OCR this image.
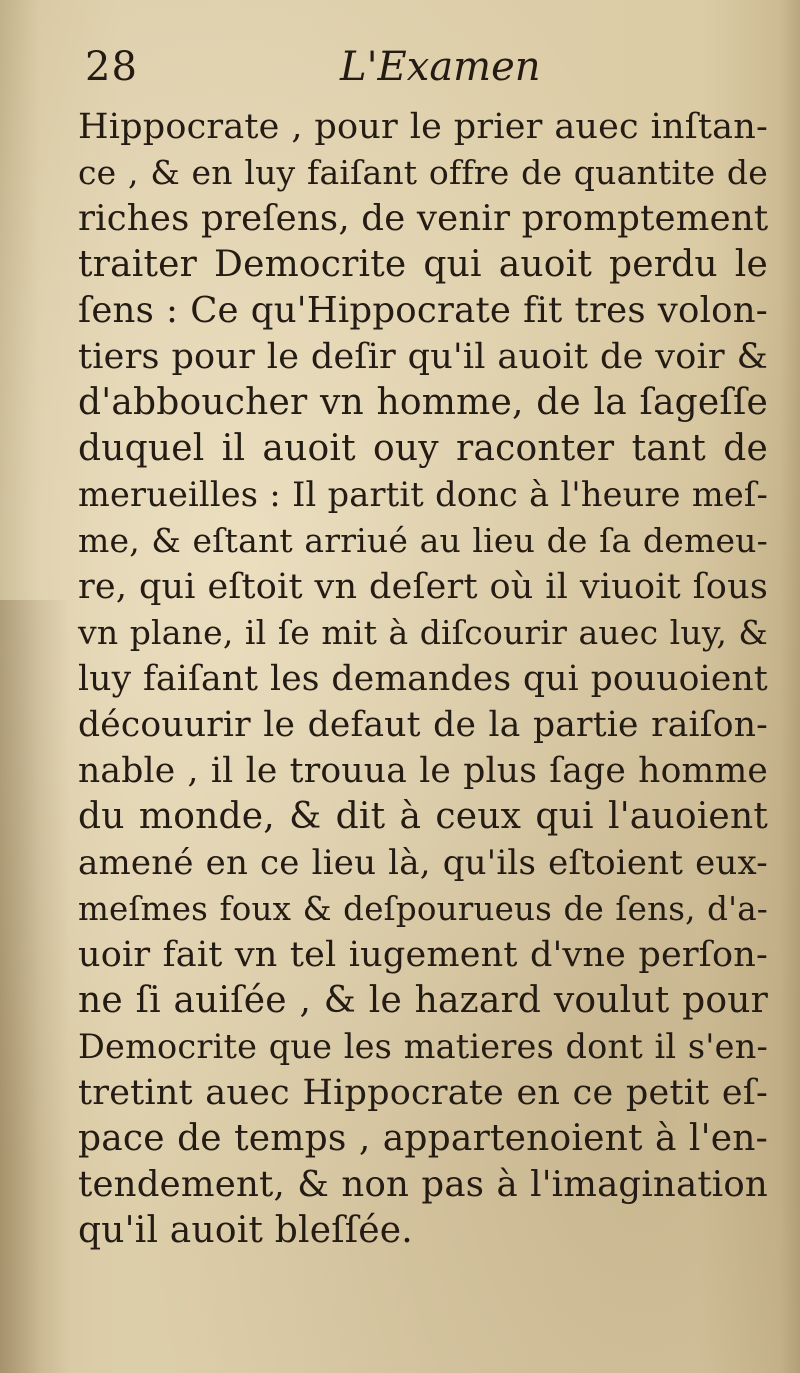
28	L'Examen
Hippocrate , pour le prier auec inſtan-
ce , & en luy faiſant offre de quantite de
riches preſens, de venir promptement
traiter Democrite qui auoit perdu le
ſens : Ce qu'Hippocrate fit tres volon-
tiers pour le deſir qu'il auoit de voir &
d'abboucher vn homme, de la ſageſſe
duquel il auoit ouy raconter tant de
merueilles : Il partit donc à l'heure meſ-
me, & eſtant arriué au lieu de ſa demeu-
re, qui eſtoit vn deſert où il viuoit ſous
vn plane, il ſe mit à diſcourir auec luy, &
luy faiſant les demandes qui pouuoient
découurir le defaut de la partie raiſon-
nable , il le trouua le plus ſage homme
du monde, & dit à ceux qui l'auoient
amené en ce lieu là, qu'ils eſtoient eux-
meſmes foux & deſpourueus de ſens, d'a-
uoir fait vn tel iugement d'vne perſon-
ne ſi auiſée , & le hazard voulut pour
Democrite que les matieres dont il s'en-
tretint auec Hippocrate en ce petit eſ-
pace de temps , appartenoient à l'en-
tendement, & non pas à l'imagination
qu'il auoit bleſſée.
